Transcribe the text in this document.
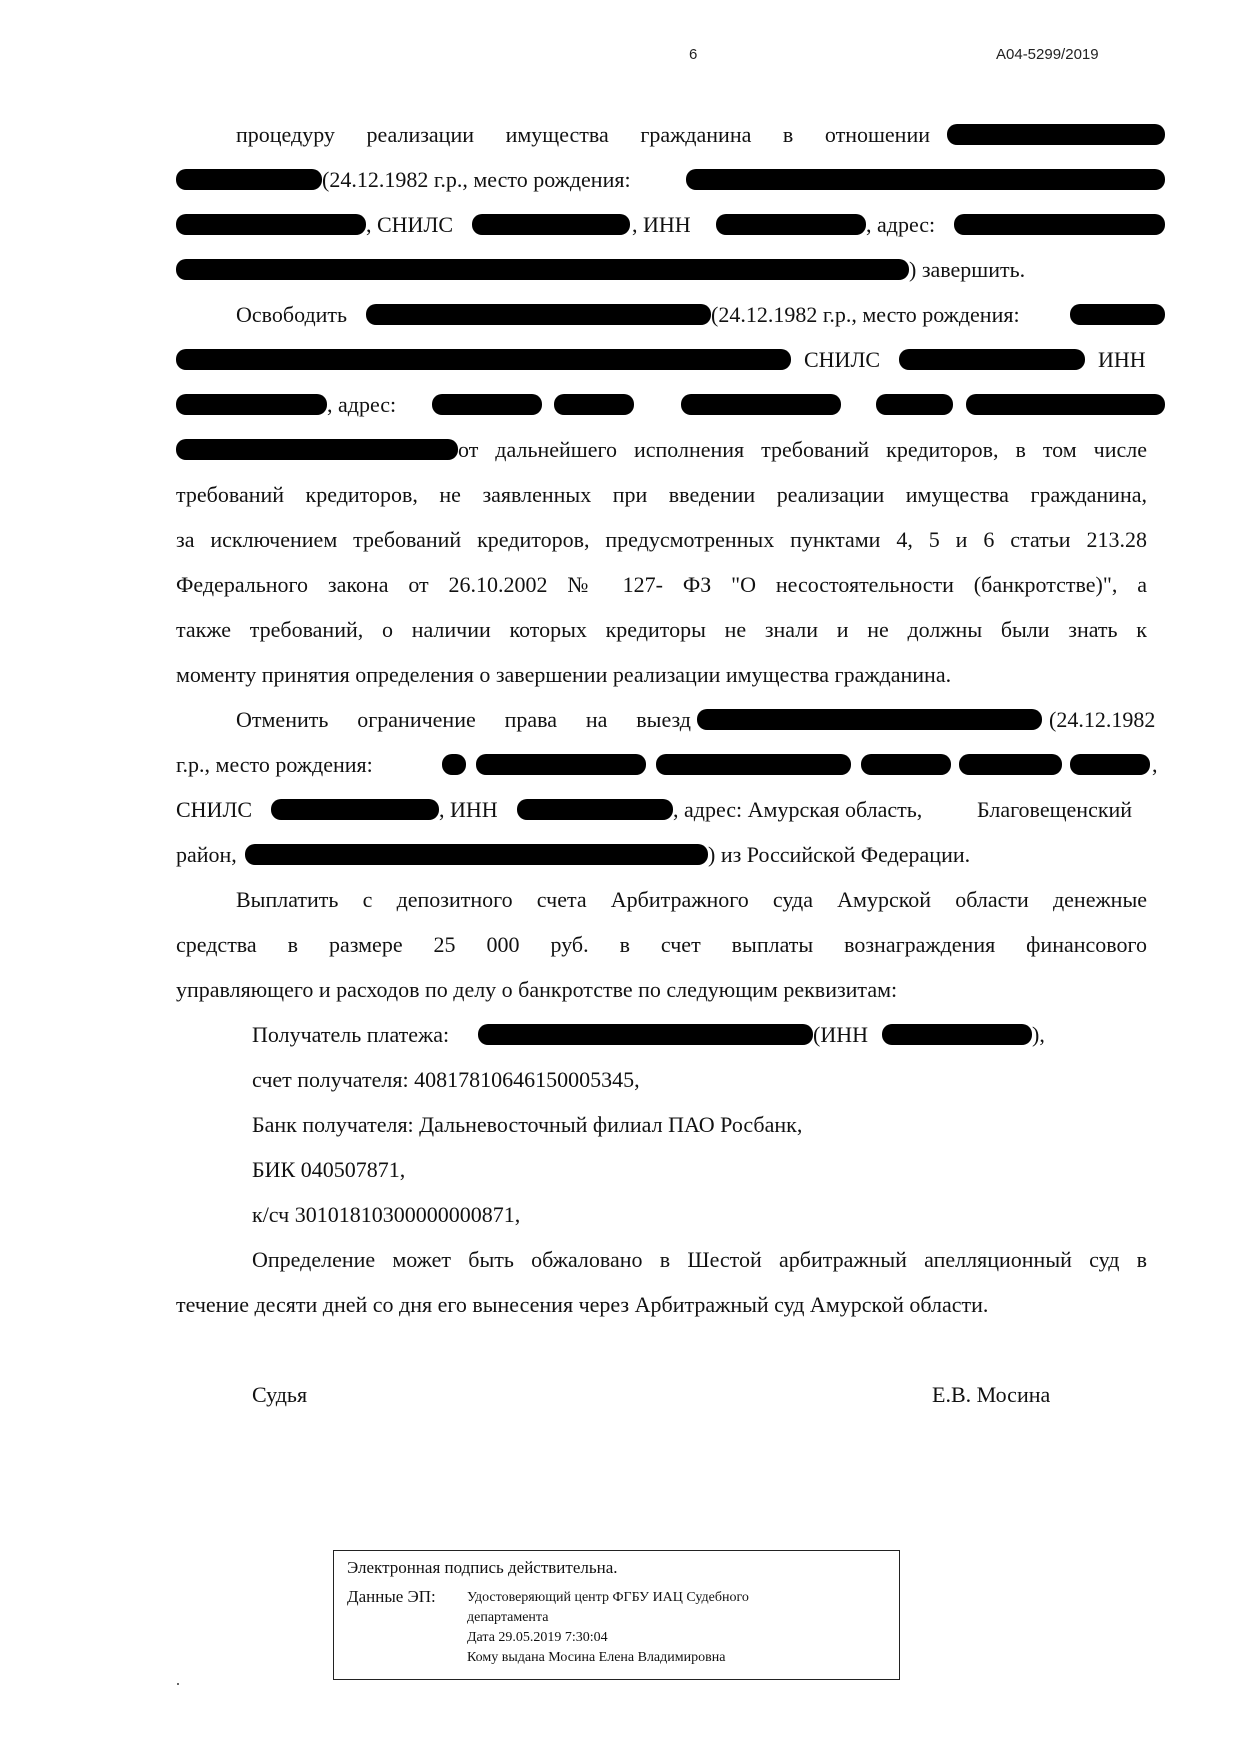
6	А04-5299/2019
процедуру реализации имущества гражданина в отношении
(24.12.1982 г.р., место рождения:
, СНИЛС	, ИНН	, адрес:
) завершить.
Освободить	(24.12.1982 г.р., место рождения:
СНИЛС	ИНН
, адрес:
от дальнейшего исполнения требований кредиторов, в том числе
требований кредиторов, не заявленных при введении реализации имущества гражданина,
за исключением требований кредиторов, предусмотренных пунктами 4, 5 и 6 статьи 213.28
Федерального закона от 26.10.2002 № 127- ФЗ "О несостоятельности (банкротстве)", а
также требований, о наличии которых кредиторы не знали и не должны были знать к
моменту принятия определения о завершении реализации имущества гражданина.
Отменить ограничение права на выезд	(24.12.1982
г.р., место рождения:	,
СНИЛС	, ИНН	, адрес: Амурская область, Благовещенский
район,	) из Российской Федерации.
Выплатить с депозитного счета Арбитражного суда Амурской области денежные
средства в размере 25 000 руб. в счет выплаты вознаграждения финансового
управляющего и расходов по делу о банкротстве по следующим реквизитам:
Получатель платежа:	(ИНН	),
счет получателя: 40817810646150005345,
Банк получателя: Дальневосточный филиал ПАО Росбанк,
БИК 040507871,
к/сч 30101810300000000871,
Определение может быть обжаловано в Шестой арбитражный апелляционный суд в
течение десяти дней со дня его вынесения через Арбитражный суд Амурской области.
Судья	Е.В. Мосина
Электронная подпись действительна.
Данные ЭП: Удостоверяющий центр ФГБУ ИАЦ Судебного
департамента
Дата 29.05.2019 7:30:04
Кому выдана Мосина Елена Владимировна
